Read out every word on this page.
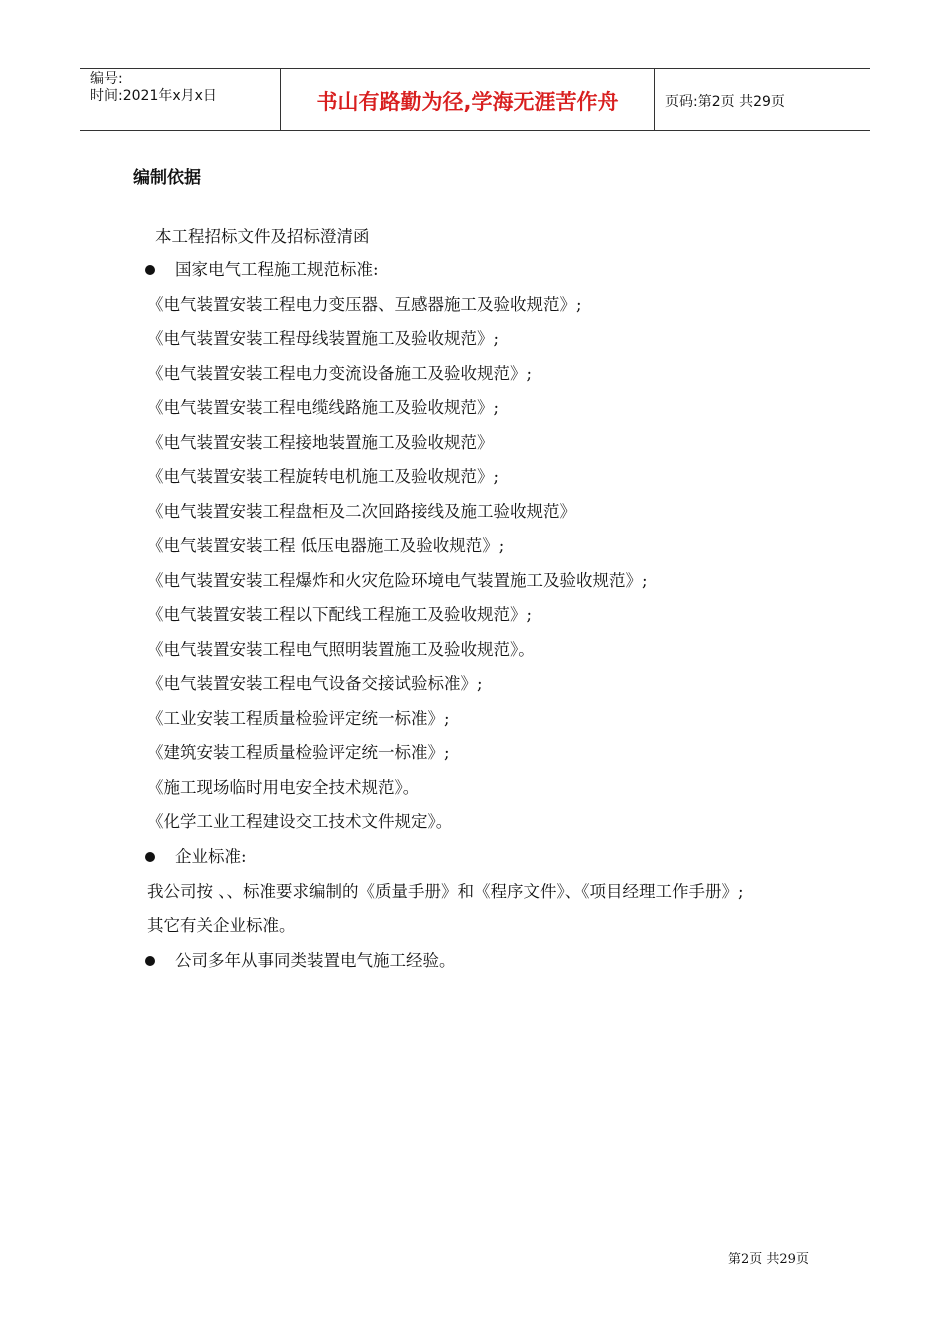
编号:
时间:2021年x月x日	书山有路勤为径,学海无涯苦作舟	页码:第2页 共29页
编制依据
本工程招标文件及招标澄清函
国家电气工程施工规范标准:
《电气装置安装工程电力变压器、互感器施工及验收规范》;
《电气装置安装工程母线装置施工及验收规范》;
《电气装置安装工程电力变流设备施工及验收规范》;
《电气装置安装工程电缆线路施工及验收规范》;
《电气装置安装工程接地装置施工及验收规范》
《电气装置安装工程旋转电机施工及验收规范》;
《电气装置安装工程盘柜及二次回路接线及施工验收规范》
《电气装置安装工程 低压电器施工及验收规范》;
《电气装置安装工程爆炸和火灾危险环境电气装置施工及验收规范》;
《电气装置安装工程以下配线工程施工及验收规范》;
《电气装置安装工程电气照明装置施工及验收规范》。
《电气装置安装工程电气设备交接试验标准》;
《工业安装工程质量检验评定统一标准》;
《建筑安装工程质量检验评定统一标准》;
《施工现场临时用电安全技术规范》。
《化学工业工程建设交工技术文件规定》。
企业标准:
我公司按 、、标准要求编制的《质量手册》和《程序文件》、《项目经理工作手册》;
其它有关企业标准。
公司多年从事同类装置电气施工经验。
第2页 共29页
